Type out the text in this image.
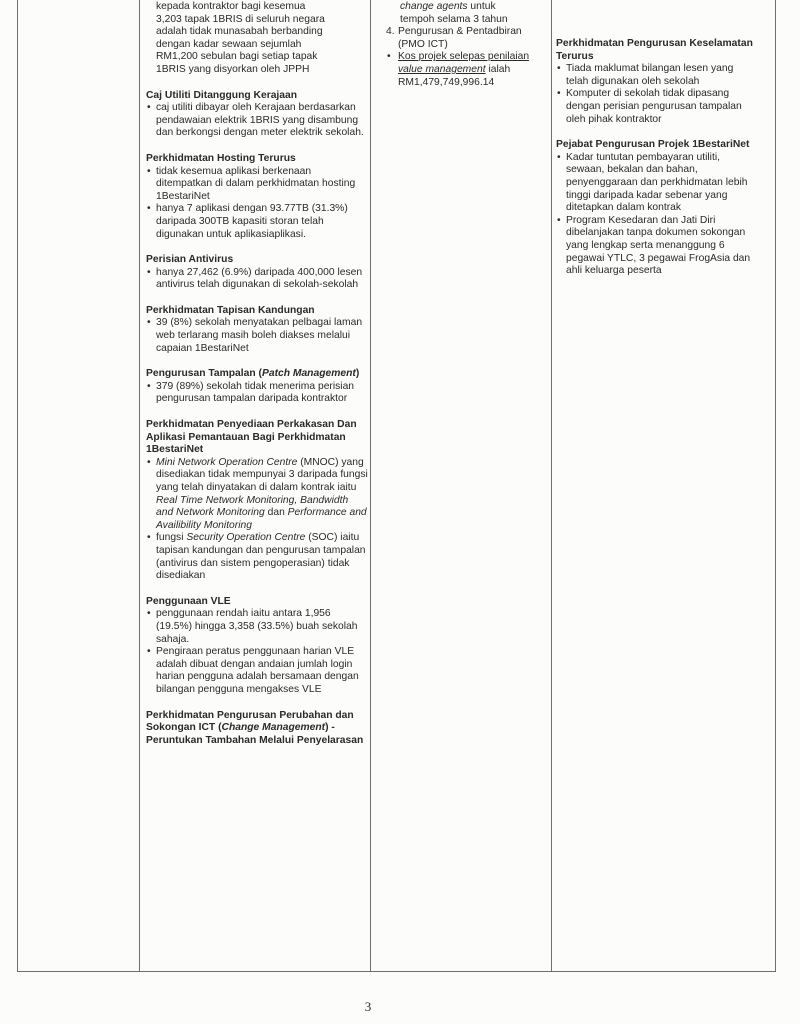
kepada kontraktor bagi kesemua
3,203 tapak 1BRIS di seluruh negara
adalah tidak munasabah berbanding
dengan kadar sewaan sejumlah
RM1,200 sebulan bagi setiap tapak
1BRIS yang disyorkan oleh JPPH
Caj Utiliti Ditanggung Kerajaan
• caj utiliti dibayar oleh Kerajaan berdasarkan pendawaian elektrik 1BRIS yang disambung dan berkongsi dengan meter elektrik sekolah.
Perkhidmatan Hosting Terurus
• tidak kesemua aplikasi berkenaan ditempatkan di dalam perkhidmatan hosting 1BestariNet
• hanya 7 aplikasi dengan 93.77TB (31.3%) daripada 300TB kapasiti storan telah digunakan untuk aplikasiaplikasi.
Perisian Antivirus
• hanya 27,462 (6.9%) daripada 400,000 lesen antivirus telah digunakan di sekolah-sekolah
Perkhidmatan Tapisan Kandungan
• 39 (8%) sekolah menyatakan pelbagai laman web terlarang masih boleh diakses melalui capaian 1BestariNet
Pengurusan Tampalan (Patch Management)
• 379 (89%) sekolah tidak menerima perisian pengurusan tampalan daripada kontraktor
Perkhidmatan Penyediaan Perkakasan Dan Aplikasi Pemantauan Bagi Perkhidmatan 1BestariNet
• Mini Network Operation Centre (MNOC) yang disediakan tidak mempunyai 3 daripada fungsi yang telah dinyatakan di dalam kontrak iaitu Real Time Network Monitoring, Bandwidth and Network Monitoring dan Performance and Availibility Monitoring
• fungsi Security Operation Centre (SOC) iaitu tapisan kandungan dan pengurusan tampalan (antivirus dan sistem pengoperasian) tidak disediakan
Penggunaan VLE
• penggunaan rendah iaitu antara 1,956 (19.5%) hingga 3,358 (33.5%) buah sekolah sahaja.
• Pengiraan peratus penggunaan harian VLE adalah dibuat dengan andaian jumlah login harian pengguna adalah bersamaan dengan bilangan pengguna mengakses VLE
Perkhidmatan Pengurusan Perubahan dan Sokongan ICT (Change Management) - Peruntukan Tambahan Melalui Penyelarasan
change agents untuk
tempoh selama 3 tahun
4. Pengurusan & Pentadbiran (PMO ICT)
• Kos projek selepas penilaian value management ialah RM1,479,749,996.14
Perkhidmatan Pengurusan Keselamatan Terurus
• Tiada maklumat bilangan lesen yang telah digunakan oleh sekolah
• Komputer di sekolah tidak dipasang dengan perisian pengurusan tampalan oleh pihak kontraktor
Pejabat Pengurusan Projek 1BestariNet
• Kadar tuntutan pembayaran utiliti, sewaan, bekalan dan bahan, penyenggaraan dan perkhidmatan lebih tinggi daripada kadar sebenar yang ditetapkan dalam kontrak
• Program Kesedaran dan Jati Diri dibelanjakan tanpa dokumen sokongan yang lengkap serta menanggung 6 pegawai YTLC, 3 pegawai FrogAsia dan ahli keluarga peserta
3
